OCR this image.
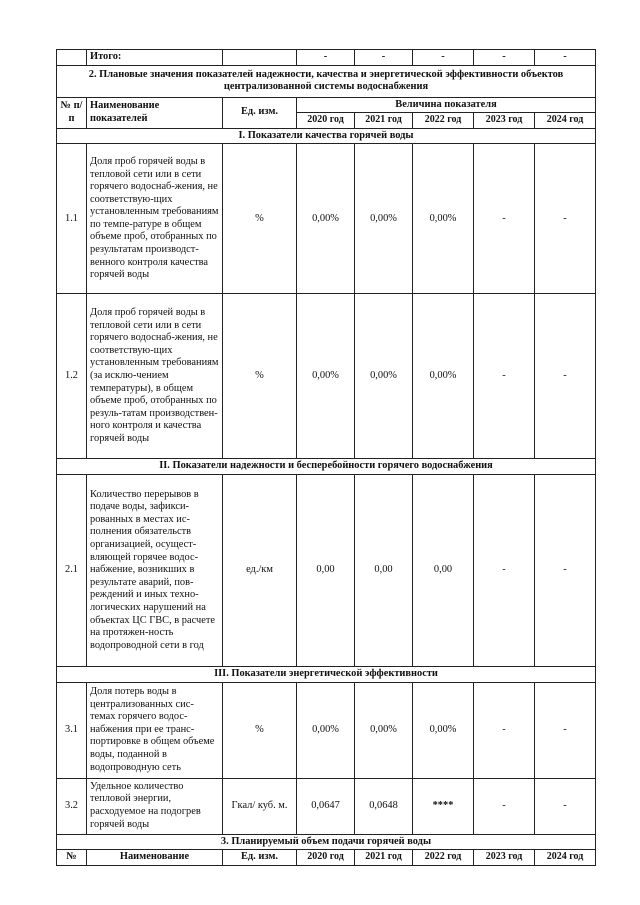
	Итого:		-	-	-	-	-
2. Плановые значения показателей надежности, качества и энергетической эффективности объектов централизованной системы водоснабжения							
№ п/п	Наименование показателей	Ед. изм.	Величина показателя				
			2020 год	2021 год	2022 год	2023 год	2024 год
I. Показатели качества горячей воды							
1.1	Доля проб горячей воды в тепловой сети или в сети горячего водоснаб-жения, не соответствую-щих установленным требованиям по темпе-ратуре в общем объеме проб, отобранных по результатам производст-венного контроля качества горячей воды	%	0,00%	0,00%	0,00%	-	-
1.2	Доля проб горячей воды в тепловой сети или в сети горячего водоснаб-жения, не соответствую-щих установленным требованиям (за исклю-чением температуры), в общем объеме проб, отобранных по резуль-татам производствен-ного контроля и качества горячей воды	%	0,00%	0,00%	0,00%	-	-
II. Показатели надежности и бесперебойности горячего водоснабжения							
2.1	Количество перерывов в подаче воды, зафикси-рованных в местах ис-полнения обязательств организацией, осущест-вляющей горячее водос-набжение, возникших в результате аварий, пов-реждений и иных техно-логических нарушений на объектах ЦС ГВС, в расчете на протяжен-ность водопроводной сети в год	ед./км	0,00	0,00	0,00	-	-
III. Показатели энергетической эффективности							
3.1	Доля потерь воды в централизованных сис-темах горячего водос-набжения при ее транс-портировке в общем объеме воды, поданной в водопроводную сеть	%	0,00%	0,00%	0,00%	-	-
3.2	Удельное количество тепловой энергии, расходуемое на подогрев горячей воды	Гкал/ куб. м.	0,0647	0,0648	****	-	-
3. Планируемый объем подачи горячей воды							
№	Наименование	Ед. изм.	2020 год	2021 год	2022 год	2023 год	2024 год
